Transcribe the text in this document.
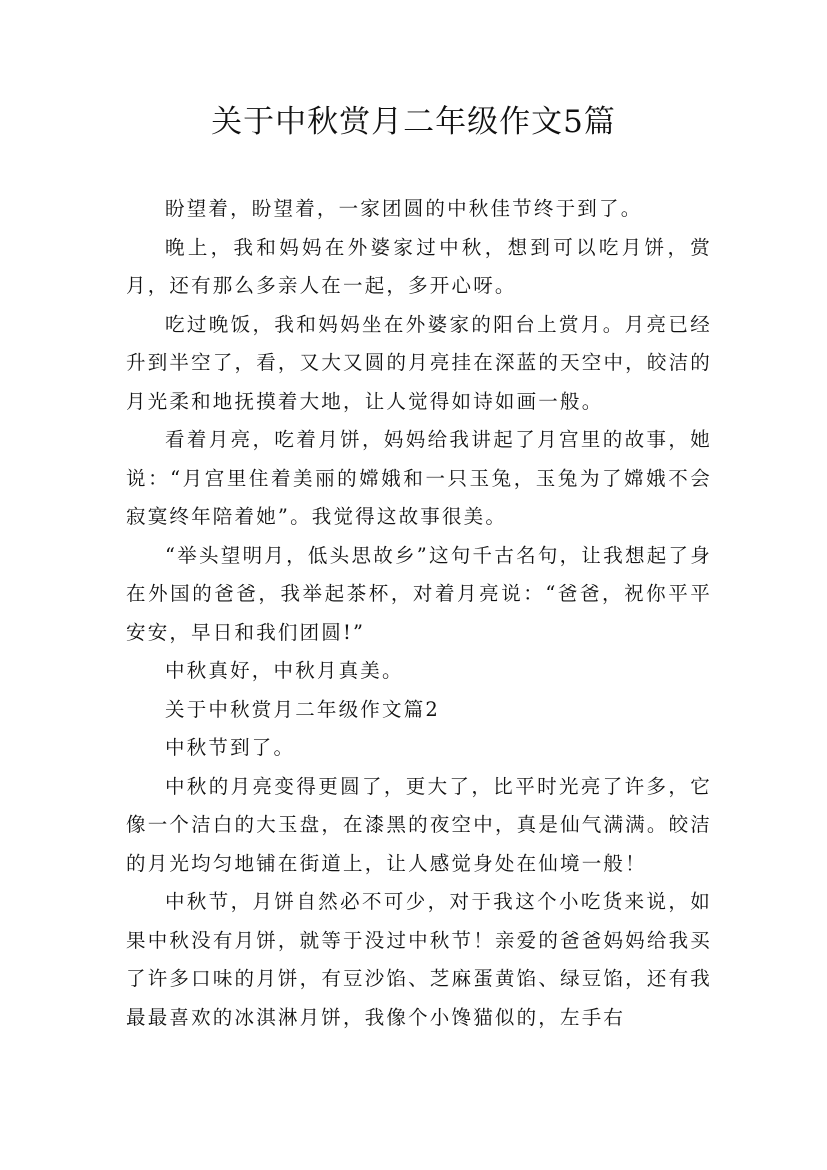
关于中秋赏月二年级作文5篇

盼望着，盼望着，一家团圆的中秋佳节终于到了。

晚上，我和妈妈在外婆家过中秋，想到可以吃月饼，赏月，还有那么多亲人在一起，多开心呀。

吃过晚饭，我和妈妈坐在外婆家的阳台上赏月。月亮已经升到半空了，看，又大又圆的月亮挂在深蓝的天空中，皎洁的月光柔和地抚摸着大地，让人觉得如诗如画一般。

看着月亮，吃着月饼，妈妈给我讲起了月宫里的故事，她说：“月宫里住着美丽的嫦娥和一只玉兔，玉兔为了嫦娥不会寂寞终年陪着她”。我觉得这故事很美。

“举头望明月，低头思故乡”这句千古名句，让我想起了身在外国的爸爸，我举起茶杯，对着月亮说：“爸爸，祝你平平安安，早日和我们团圆!”

中秋真好，中秋月真美。

关于中秋赏月二年级作文篇2

中秋节到了。

中秋的月亮变得更圆了，更大了，比平时光亮了许多，它像一个洁白的大玉盘，在漆黑的夜空中，真是仙气满满。皎洁的月光均匀地铺在街道上，让人感觉身处在仙境一般！

中秋节，月饼自然必不可少，对于我这个小吃货来说，如果中秋没有月饼，就等于没过中秋节！亲爱的爸爸妈妈给我买了许多口味的月饼，有豆沙馅、芝麻蛋黄馅、绿豆馅，还有我最最喜欢的冰淇淋月饼，我像个小馋猫似的，左手右
